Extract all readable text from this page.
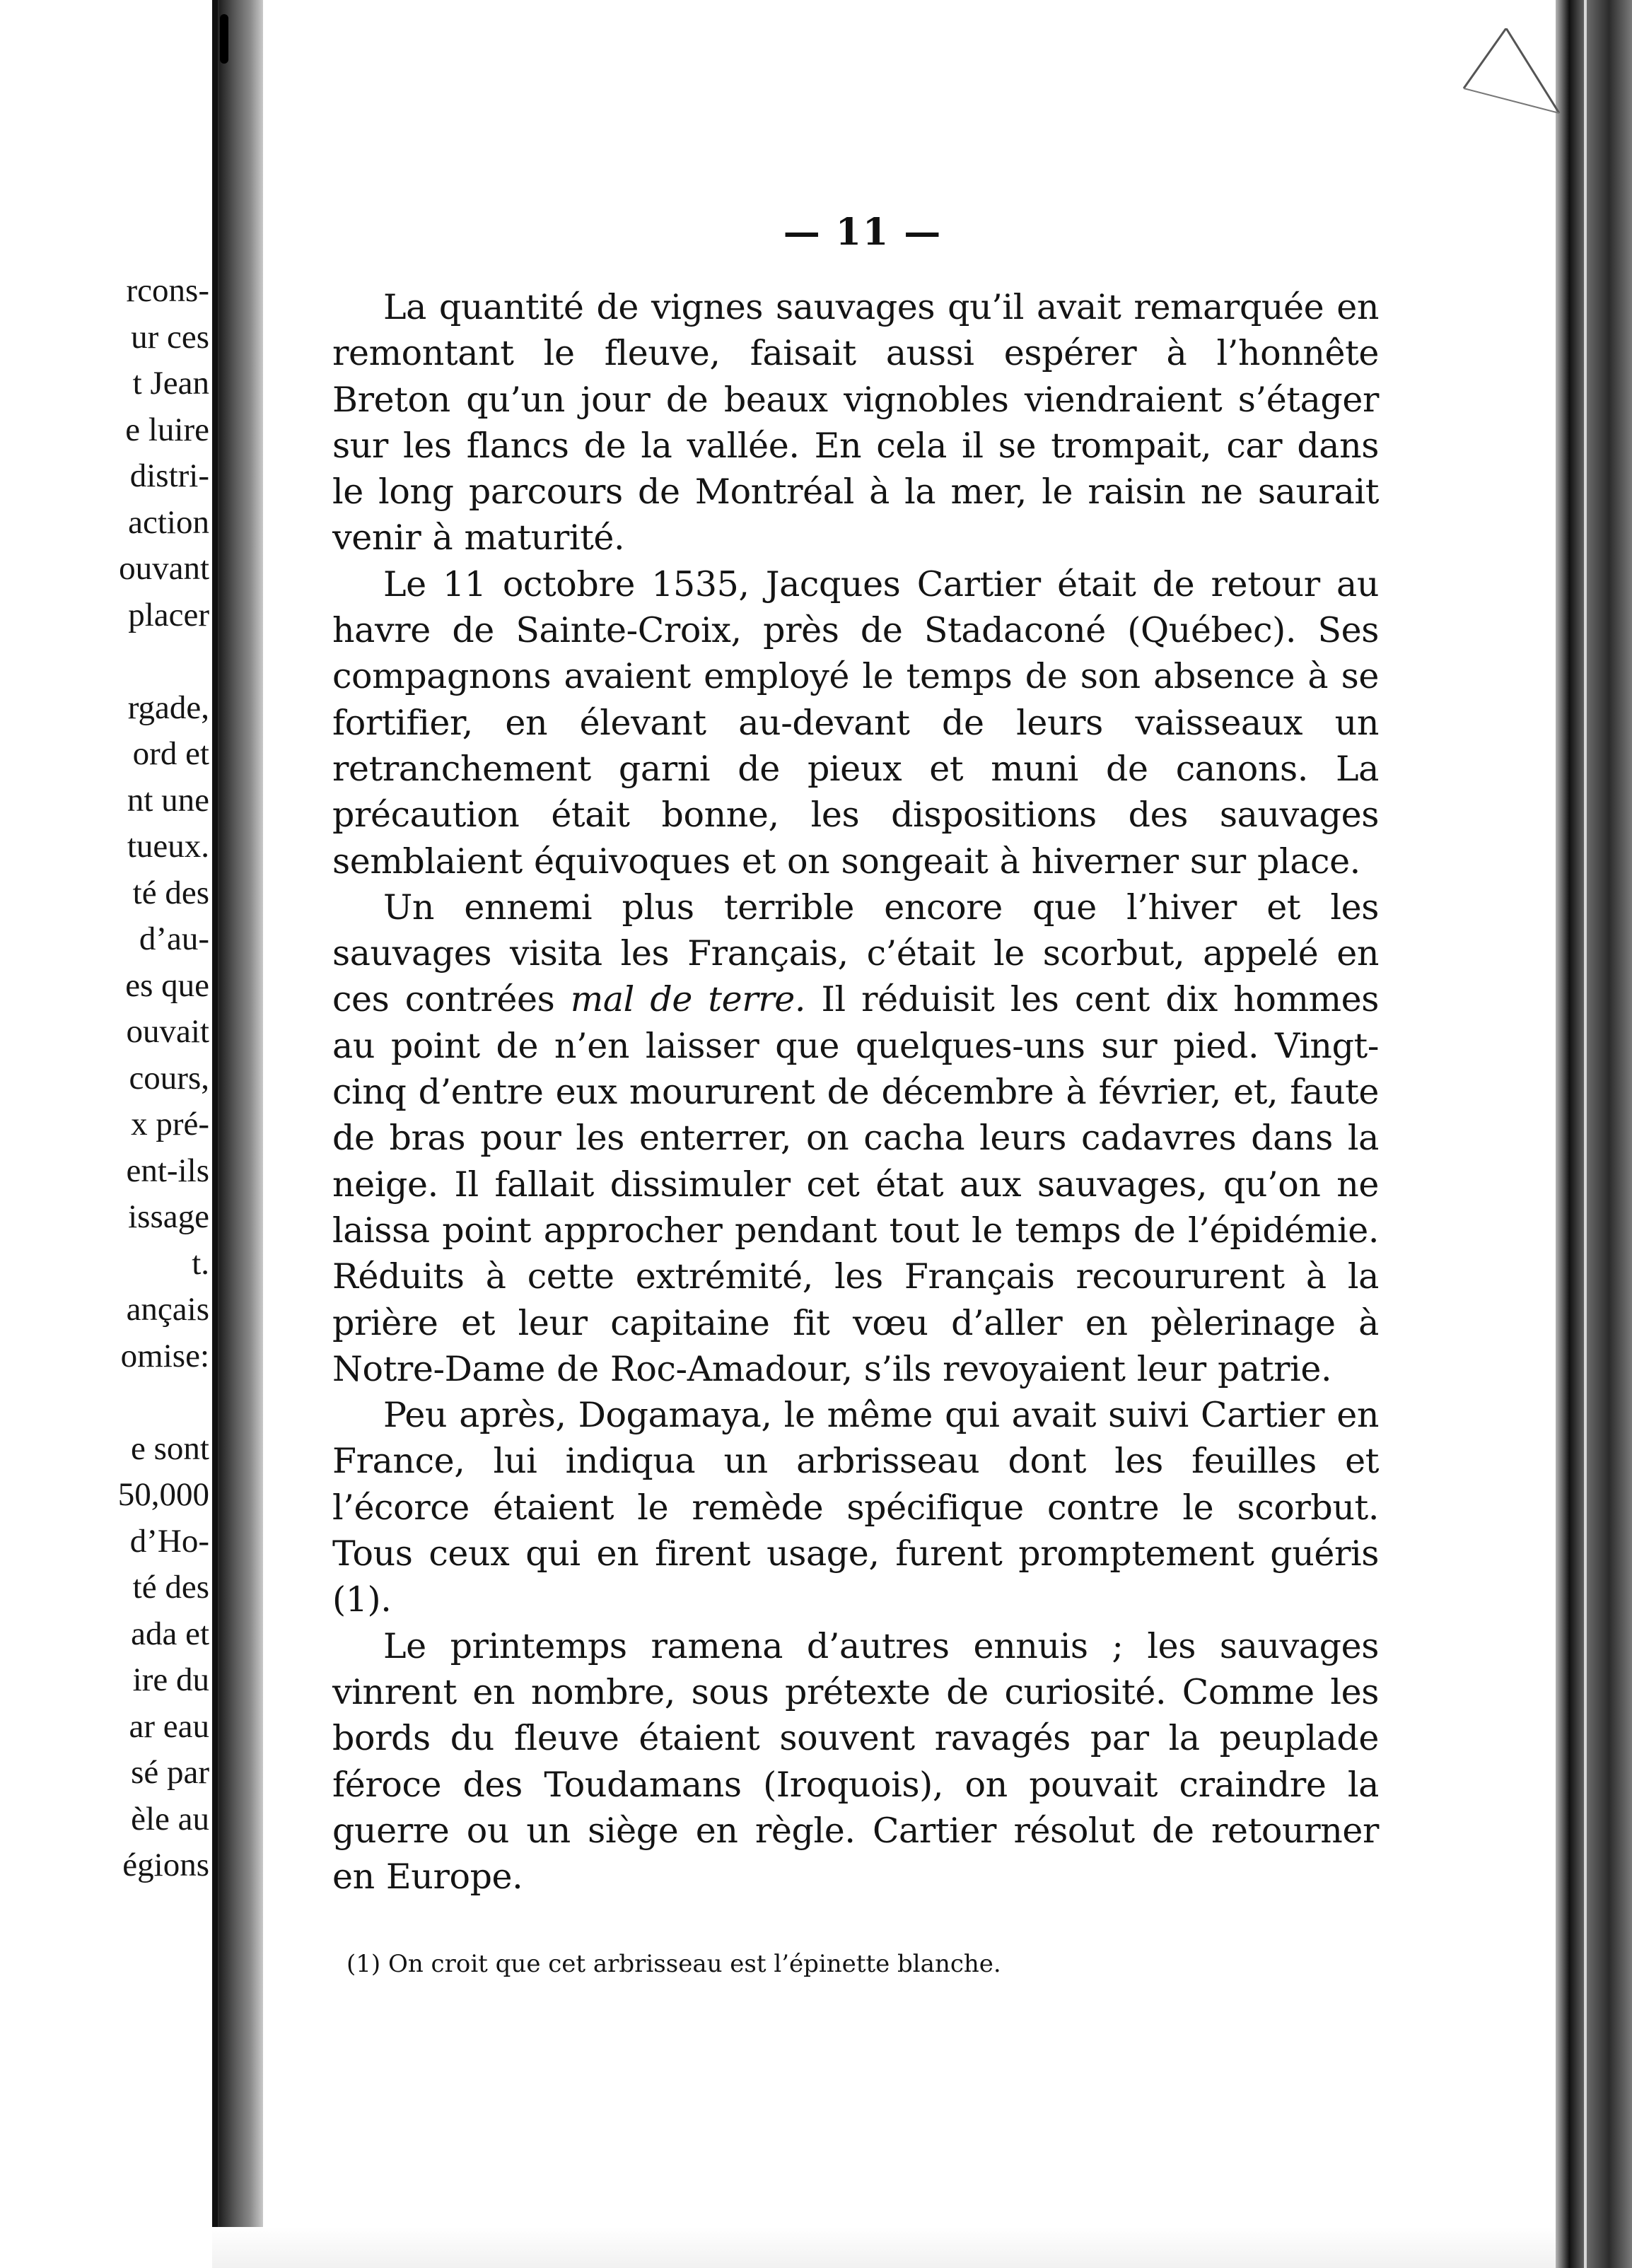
rcons-
ur ces
t Jean
e luire
distri-
action
ouvant
placer
rgade,
ord et
nt une
tueux.
té des
d’au-
es que
ouvait
cours,
x pré-
ent-ils
issage
t.
ançais
omise:
e sont
50,000
d’Ho-
té des
ada et
ire du
ar eau
sé par
èle au
égions
— 11 —

La quantité de vignes sauvages qu’il avait remarquée en remontant le fleuve, faisait aussi espérer à l’honnête Breton qu’un jour de beaux vignobles viendraient s’étager sur les flancs de la vallée. En cela il se trompait, car dans le long parcours de Montréal à la mer, le raisin ne saurait venir à maturité.

Le 11 octobre 1535, Jacques Cartier était de retour au havre de Sainte-Croix, près de Stadaconé (Québec). Ses compagnons avaient employé le temps de son absence à se fortifier, en élevant au-devant de leurs vaisseaux un retranchement garni de pieux et muni de canons. La précaution était bonne, les dispositions des sauvages semblaient équivoques et on songeait à hiverner sur place.

Un ennemi plus terrible encore que l’hiver et les sauvages visita les Français, c’était le scorbut, appelé en ces contrées mal de terre. Il réduisit les cent dix hommes au point de n’en laisser que quelques-uns sur pied. Vingt-cinq d’entre eux moururent de décembre à février, et, faute de bras pour les enterrer, on cacha leurs cadavres dans la neige. Il fallait dissimuler cet état aux sauvages, qu’on ne laissa point approcher pendant tout le temps de l’épidémie. Réduits à cette extrémité, les Français recoururent à la prière et leur capitaine fit vœu d’aller en pèlerinage à Notre-Dame de Roc-Amadour, s’ils revoyaient leur patrie.

Peu après, Dogamaya, le même qui avait suivi Cartier en France, lui indiqua un arbrisseau dont les feuilles et l’écorce étaient le remède spécifique contre le scorbut. Tous ceux qui en firent usage, furent promptement guéris (1).

Le printemps ramena d’autres ennuis ; les sauvages vinrent en nombre, sous prétexte de curiosité. Comme les bords du fleuve étaient souvent ravagés par la peuplade féroce des Toudamans (Iroquois), on pouvait craindre la guerre ou un siège en règle. Cartier résolut de retourner en Europe.

(1) On croit que cet arbrisseau est l’épinette blanche.
